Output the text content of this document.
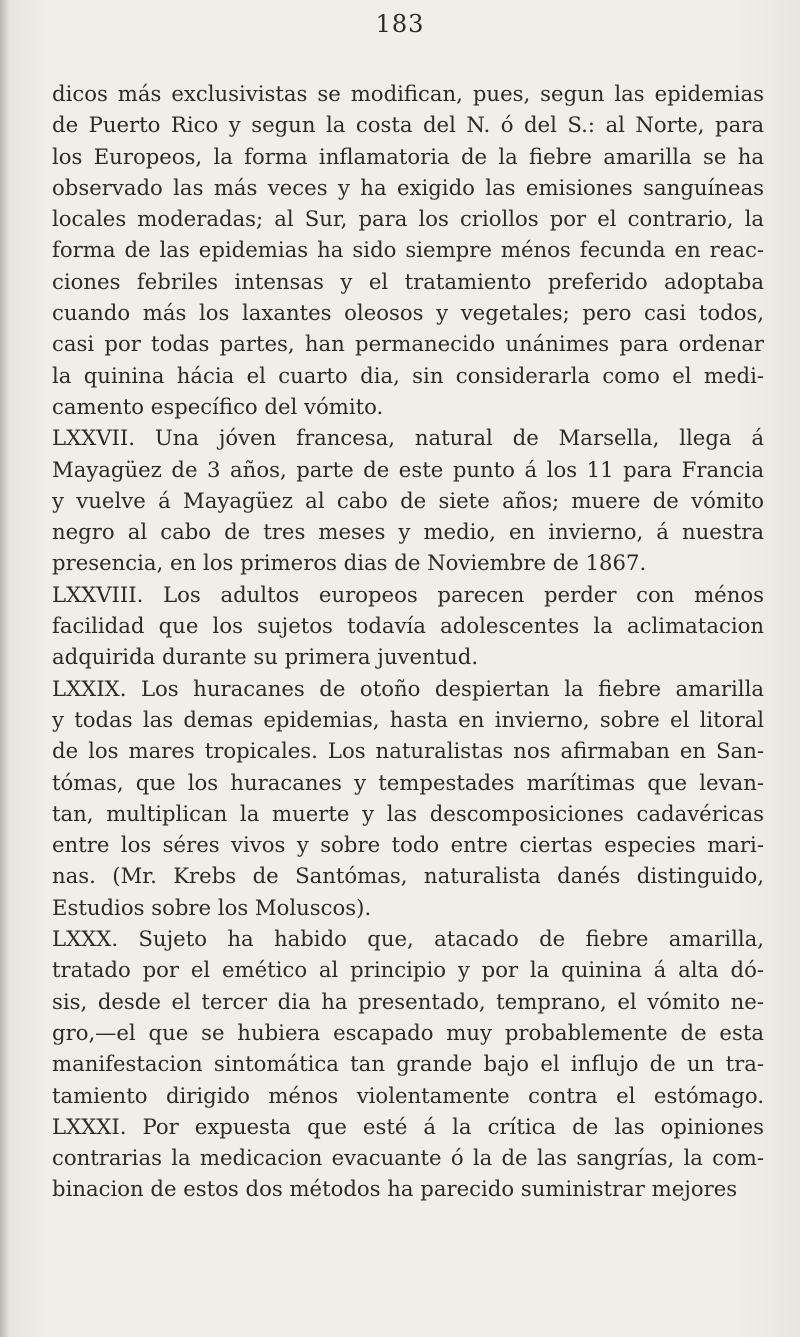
183
dicos más exclusivistas se modifican, pues, segun las epidemias
de Puerto Rico y segun la costa del N. ó del S.: al Norte, para
los Europeos, la forma inflamatoria de la fiebre amarilla se ha
observado las más veces y ha exigido las emisiones sanguíneas
locales moderadas; al Sur, para los criollos por el contrario, la
forma de las epidemias ha sido siempre ménos fecunda en reac-
ciones febriles intensas y el tratamiento preferido adoptaba
cuando más los laxantes oleosos y vegetales; pero casi todos,
casi por todas partes, han permanecido unánimes para ordenar
la quinina hácia el cuarto dia, sin considerarla como el medi-
camento específico del vómito.
LXXVII. Una jóven francesa, natural de Marsella, llega á
Mayagüez de 3 años, parte de este punto á los 11 para Francia
y vuelve á Mayagüez al cabo de siete años; muere de vómito
negro al cabo de tres meses y medio, en invierno, á nuestra
presencia, en los primeros dias de Noviembre de 1867.
LXXVIII. Los adultos europeos parecen perder con ménos
facilidad que los sujetos todavía adolescentes la aclimatacion
adquirida durante su primera juventud.
LXXIX. Los huracanes de otoño despiertan la fiebre amarilla
y todas las demas epidemias, hasta en invierno, sobre el litoral
de los mares tropicales. Los naturalistas nos afirmaban en San-
tómas, que los huracanes y tempestades marítimas que levan-
tan, multiplican la muerte y las descomposiciones cadavéricas
entre los séres vivos y sobre todo entre ciertas especies mari-
nas. (Mr. Krebs de Santómas, naturalista danés distinguido,
Estudios sobre los Moluscos).
LXXX. Sujeto ha habido que, atacado de fiebre amarilla,
tratado por el emético al principio y por la quinina á alta dó-
sis, desde el tercer dia ha presentado, temprano, el vómito ne-
gro,—el que se hubiera escapado muy probablemente de esta
manifestacion sintomática tan grande bajo el influjo de un tra-
tamiento dirigido ménos violentamente contra el estómago.
LXXXI. Por expuesta que esté á la crítica de las opiniones
contrarias la medicacion evacuante ó la de las sangrías, la com-
binacion de estos dos métodos ha parecido suministrar mejores
